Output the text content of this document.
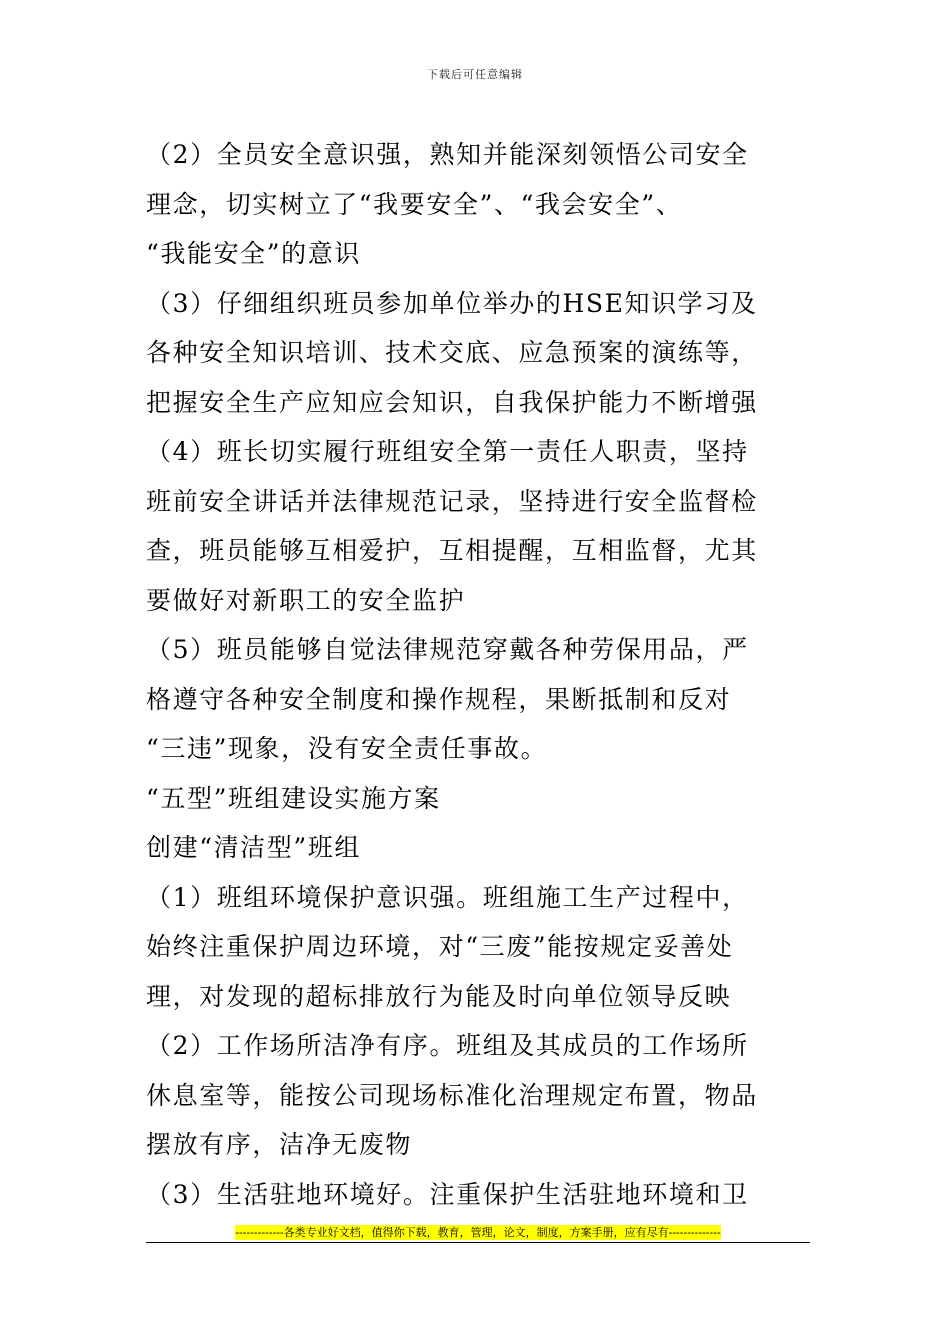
下载后可任意编辑
（2）全员安全意识强，熟知并能深刻领悟公司安全
理念，切实树立了“我要安全”、“我会安全”、
“我能安全”的意识
（3）仔细组织班员参加单位举办的HSE知识学习及
各种安全知识培训、技术交底、应急预案的演练等，
把握安全生产应知应会知识，自我保护能力不断增强
（4）班长切实履行班组安全第一责任人职责，坚持
班前安全讲话并法律规范记录，坚持进行安全监督检
查，班员能够互相爱护，互相提醒，互相监督，尤其
要做好对新职工的安全监护
（5）班员能够自觉法律规范穿戴各种劳保用品，严
格遵守各种安全制度和操作规程，果断抵制和反对
“三违”现象，没有安全责任事故。
“五型”班组建设实施方案
创建“清洁型”班组
（1）班组环境保护意识强。班组施工生产过程中，
始终注重保护周边环境，对“三废”能按规定妥善处
理，对发现的超标排放行为能及时向单位领导反映
（2）工作场所洁净有序。班组及其成员的工作场所
休息室等，能按公司现场标准化治理规定布置，物品
摆放有序，洁净无废物
（3）生活驻地环境好。注重保护生活驻地环境和卫
-------------各类专业好文档，值得你下载，教育，管理，论文，制度，方案手册，应有尽有--------------
